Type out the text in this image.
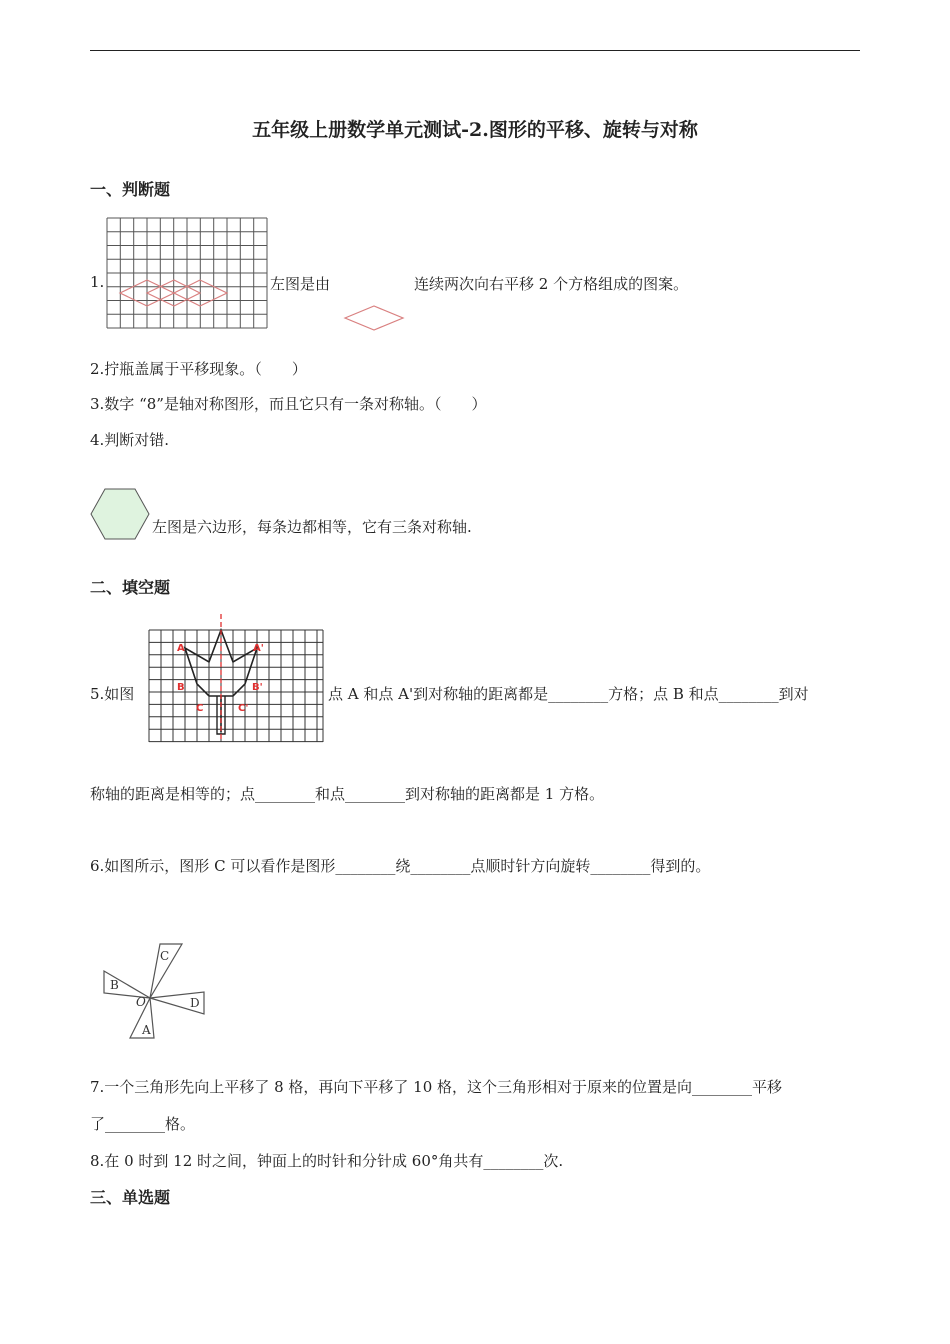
五年级上册数学单元测试-2.图形的平移、旋转与对称
一、判断题
1.	左图是由	连续两次向右平移 2 个方格组成的图案。
2.拧瓶盖属于平移现象。（　　）
3.数字 “8”是轴对称图形，而且它只有一条对称轴。（　　）
4.判断对错.
左图是六边形，每条边都相等，它有三条对称轴.
二、填空题
5.如图
A	A'
B	B'
C	C'
点 A 和点 A'到对称轴的距离都是________方格；点 B 和点________到对
称轴的距离是相等的；点________和点________到对称轴的距离都是 1 方格。
6.如图所示，图形 C 可以看作是图形________绕________点顺时针方向旋转________得到的。
C
D
B
A
O
7.一个三角形先向上平移了 8 格，再向下平移了 10 格，这个三角形相对于原来的位置是向________平移
了________格。
8.在 0 时到 12 时之间，钟面上的时针和分针成 60°角共有________次.
三、单选题
